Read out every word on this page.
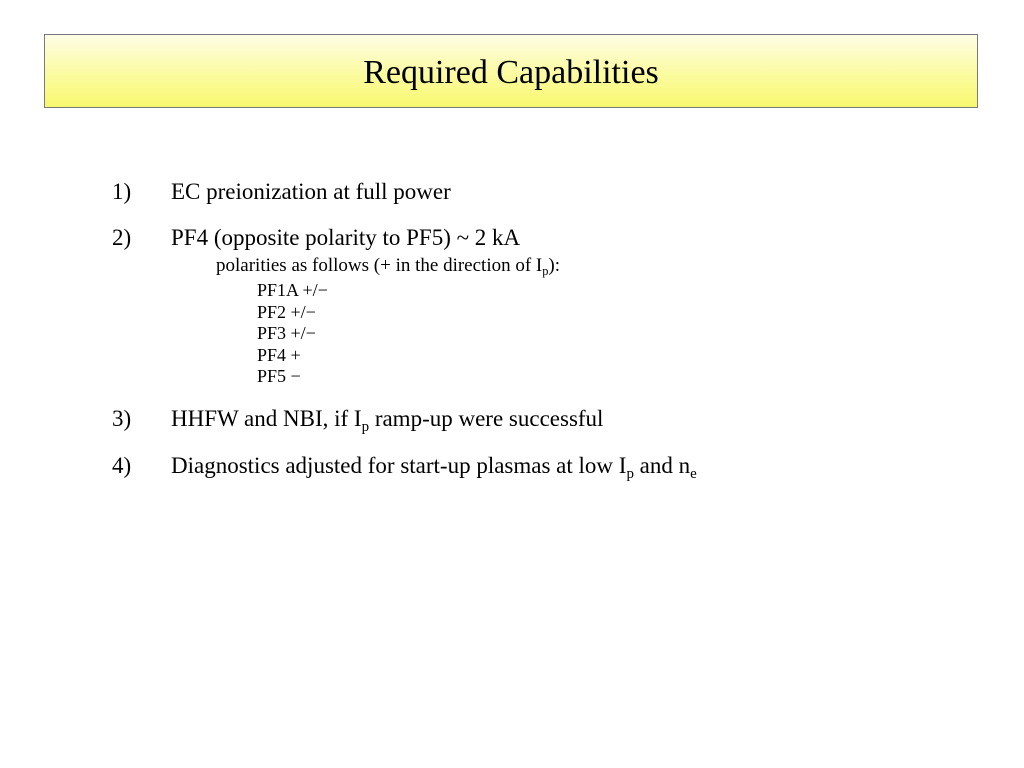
Required Capabilities
1) EC preionization at full power
2) PF4 (opposite polarity to PF5) ~ 2 kA
polarities as follows (+ in the direction of $I_p$):
PF1A +/−
PF2 +/−
PF3 +/−
PF4 +
PF5 −
3) HHFW and NBI, if $I_p$ ramp-up were successful
4) Diagnostics adjusted for start-up plasmas at low $I_p$ and $n_e$
